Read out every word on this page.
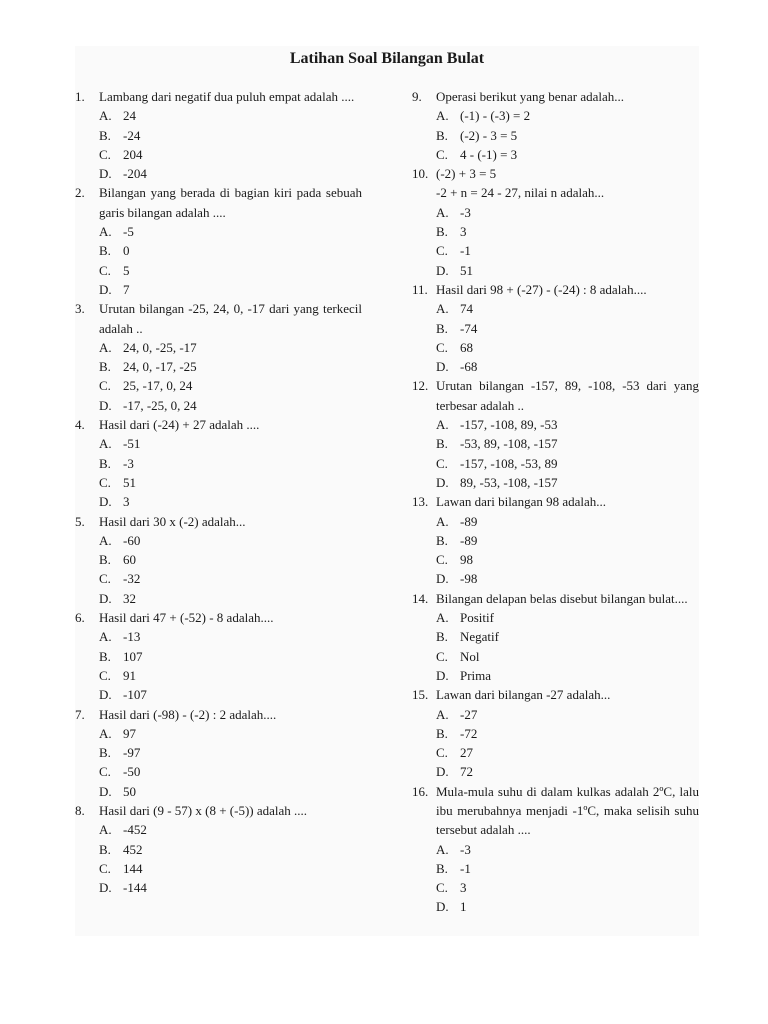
Latihan Soal Bilangan Bulat
1. Lambang dari negatif dua puluh empat adalah ....
A. 24
B. -24
C. 204
D. -204
2. Bilangan yang berada di bagian kiri pada sebuah garis bilangan adalah ....
A. -5
B. 0
C. 5
D. 7
3. Urutan bilangan -25, 24, 0, -17 dari yang terkecil adalah ..
A. 24, 0, -25, -17
B. 24, 0, -17, -25
C. 25, -17, 0, 24
D. -17, -25, 0, 24
4. Hasil dari (-24) + 27 adalah ....
A. -51
B. -3
C. 51
D. 3
5. Hasil dari 30 x (-2) adalah...
A. -60
B. 60
C. -32
D. 32
6. Hasil dari 47 + (-52) - 8 adalah....
A. -13
B. 107
C. 91
D. -107
7. Hasil dari (-98) - (-2) : 2 adalah....
A. 97
B. -97
C. -50
D. 50
8. Hasil dari (9 - 57) x (8 + (-5)) adalah ....
A. -452
B. 452
C. 144
D. -144
9. Operasi berikut yang benar adalah...
A. (-1) - (-3) = 2
B. (-2) - 3 = 5
C. 4 - (-1) = 3
10. (-2) + 3 = 5
-2 + n = 24 - 27, nilai n adalah...
A. -3
B. 3
C. -1
D. 51
11. Hasil dari 98 + (-27) - (-24) : 8 adalah....
A. 74
B. -74
C. 68
D. -68
12. Urutan bilangan -157, 89, -108, -53 dari yang terbesar adalah ..
A. -157, -108, 89, -53
B. -53, 89, -108, -157
C. -157, -108, -53, 89
D. 89, -53, -108, -157
13. Lawan dari bilangan 98 adalah...
A. -89
B. -89
C. 98
D. -98
14. Bilangan delapan belas disebut bilangan bulat....
A. Positif
B. Negatif
C. Nol
D. Prima
15. Lawan dari bilangan -27 adalah...
A. -27
B. -72
C. 27
D. 72
16. Mula-mula suhu di dalam kulkas adalah 2ºC, lalu ibu merubahnya menjadi -1ºC, maka selisih suhu tersebut adalah ....
A. -3
B. -1
C. 3
D. 1
